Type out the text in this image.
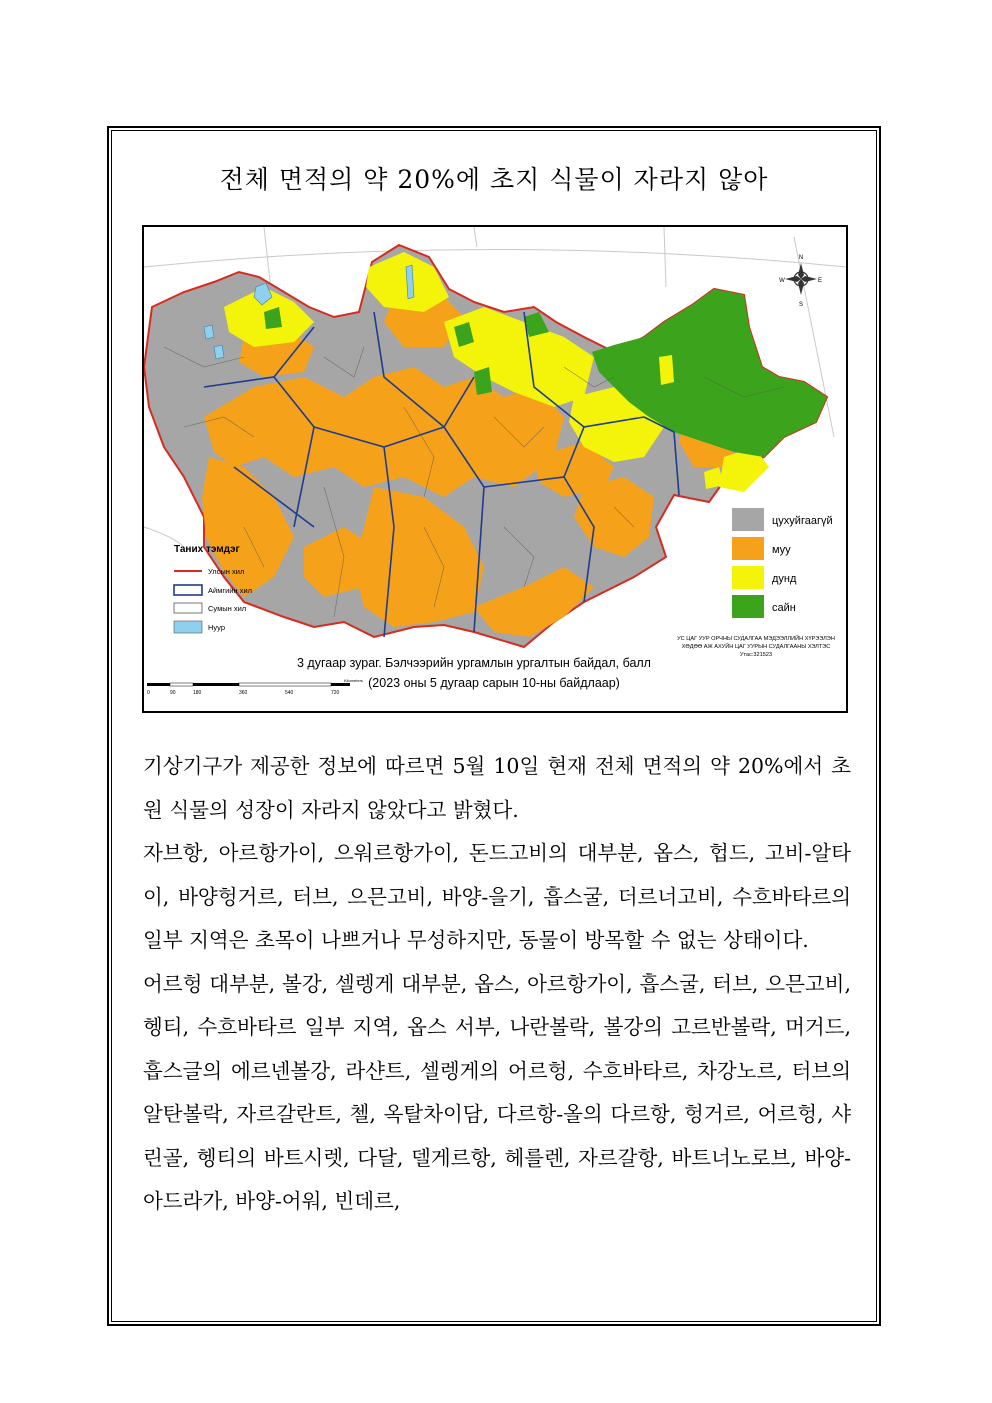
전체 면적의 약 20%에 초지 식물이 자라지 않아
N
E
S
W
Таних тэмдэг
Улсын хил
Аймгийн хил
Сумын хил
Нуур
цухуйгаагүй
муу
дунд
сайн
УС ЦАГ УУР ОРЧНЫ СУДАЛГАА МЭДЭЭЛЛИЙН ХҮРЭЭЛЭН
ХӨДӨӨ АЖ АХУЙН ЦАГ УУРЫН СУДАЛГААНЫ ХЭЛТЭС
Утас:321523
3 дугаар зураг. Бэлчээрийн ургамлын ургалтын байдал, балл
(2023 оны 5 дугаар сарын 10-ны байдлаар)
Kilometers
0	90	180	360	540	720

기상기구가 제공한 정보에 따르면 5월 10일 현재 전체 면적의 약 20%에서 초원 식물의 성장이 자라지 않았다고 밝혔다.

자브항, 아르항가이, 으워르항가이, 돈드고비의 대부분, 옵스, 헙드, 고비-알타이, 바양헝거르, 터브, 으믄고비, 바양-을기, 흡스굴, 더르너고비, 수흐바타르의 일부 지역은 초목이 나쁘거나 무성하지만, 동물이 방목할 수 없는 상태이다.

어르헝 대부분, 볼강, 셀렝게 대부분, 옵스, 아르항가이, 흡스굴, 터브, 으믄고비, 헹티, 수흐바타르 일부 지역, 옵스 서부, 나란볼락, 볼강의 고르반볼락, 머거드, 흡스글의 에르넨볼강, 라샨트, 셀렝게의 어르헝, 수흐바타르, 차강노르, 터브의 알탄볼락, 자르갈란트, 첼, 옥탈차이담, 다르항-올의 다르항, 헝거르, 어르헝, 샤린골, 헹티의 바트시렛, 다달, 델게르항, 헤를렌, 자르갈항, 바트너노로브, 바양-아드라가, 바양-어워, 빈데르,
